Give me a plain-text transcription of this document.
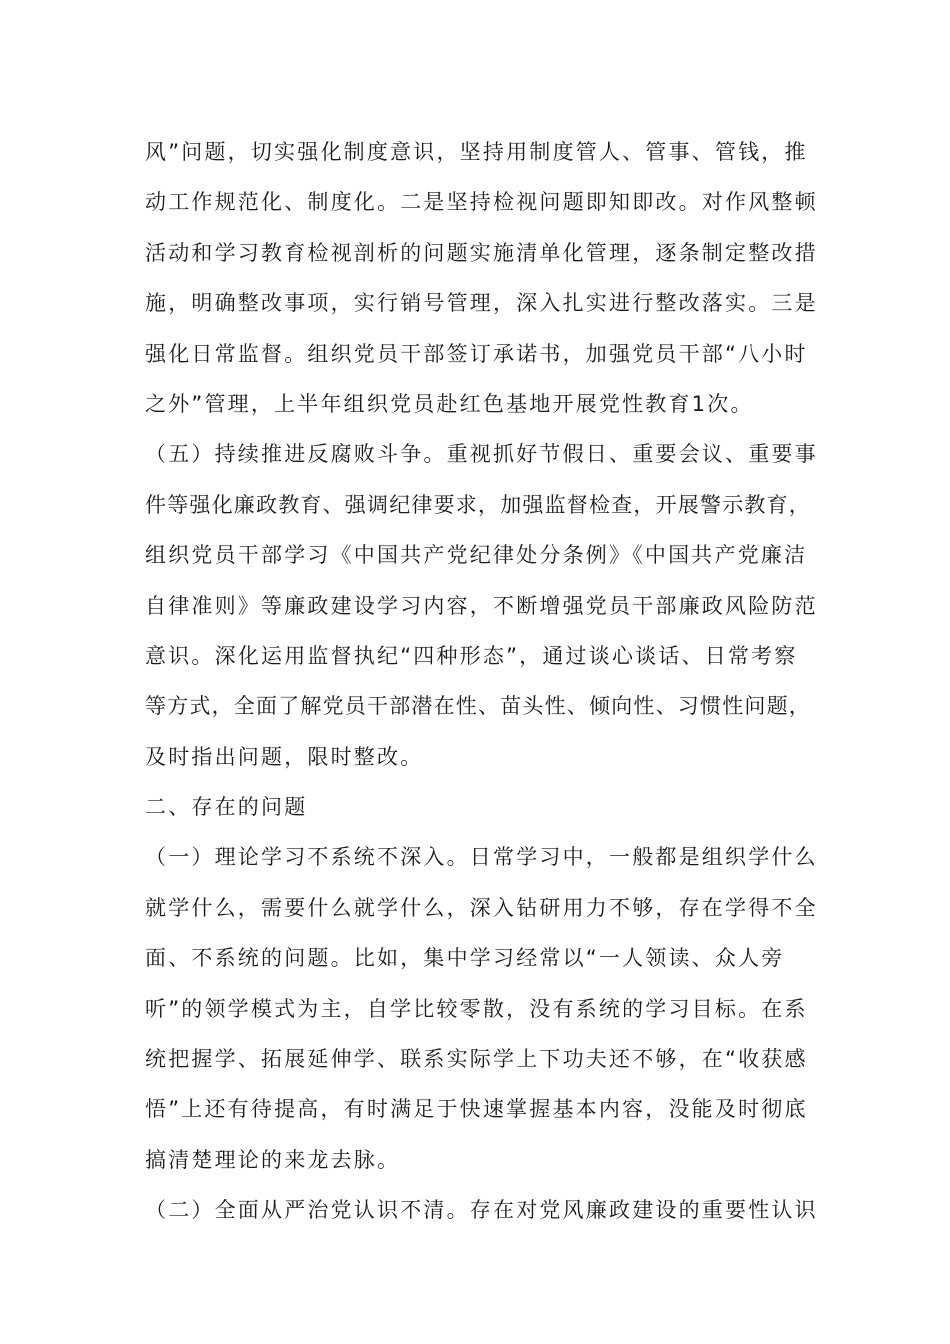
风”问题，切实强化制度意识，坚持用制度管人、管事、管钱，推
动工作规范化、制度化。二是坚持检视问题即知即改。对作风整顿
活动和学习教育检视剖析的问题实施清单化管理，逐条制定整改措
施，明确整改事项，实行销号管理，深入扎实进行整改落实。三是
强化日常监督。组织党员干部签订承诺书，加强党员干部“八小时
之外”管理，上半年组织党员赴红色基地开展党性教育1次。
（五）持续推进反腐败斗争。重视抓好节假日、重要会议、重要事
件等强化廉政教育、强调纪律要求，加强监督检查，开展警示教育，
组织党员干部学习《中国共产党纪律处分条例》《中国共产党廉洁
自律准则》等廉政建设学习内容，不断增强党员干部廉政风险防范
意识。深化运用监督执纪“四种形态”，通过谈心谈话、日常考察
等方式，全面了解党员干部潜在性、苗头性、倾向性、习惯性问题，
及时指出问题，限时整改。
二、存在的问题
（一）理论学习不系统不深入。日常学习中，一般都是组织学什么
就学什么，需要什么就学什么，深入钻研用力不够，存在学得不全
面、不系统的问题。比如，集中学习经常以“一人领读、众人旁
听”的领学模式为主，自学比较零散，没有系统的学习目标。在系
统把握学、拓展延伸学、联系实际学上下功夫还不够，在“收获感
悟”上还有待提高，有时满足于快速掌握基本内容，没能及时彻底
搞清楚理论的来龙去脉。
（二）全面从严治党认识不清。存在对党风廉政建设的重要性认识
